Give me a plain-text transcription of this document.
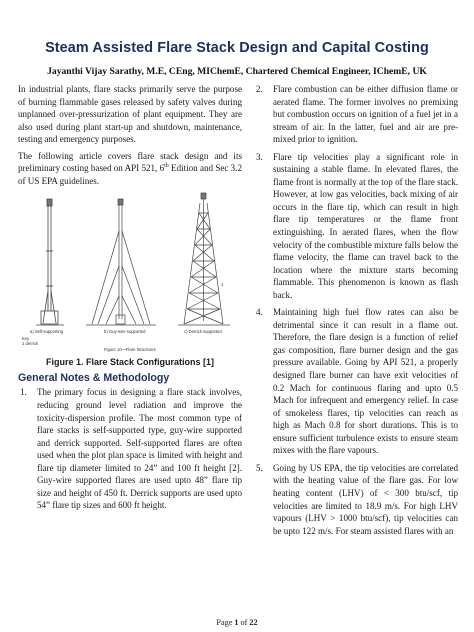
Steam Assisted Flare Stack Design and Capital Costing
Jayanthi Vijay Sarathy, M.E, CEng, MIChemE, Chartered Chemical Engineer, IChemE, UK

In industrial plants, flare stacks primarily serve the purpose of burning flammable gases released by safety valves during unplanned over-pressurization of plant equipment. They are also used during plant start-up and shutdown, maintenance, testing and emergency purposes.

The following article covers flare stack design and its preliminary costing based on API 521, 6th Edition and Sec 3.2 of US EPA guidelines.

1
a) Self-supporting	b) Guy-wire supported	c) Derrick supported
Key
1 derrick
Figure 10—Flare Structures
Figure 1. Flare Stack Configurations [1]
General Notes & Methodology
1. The primary focus in designing a flare stack involves, reducing ground level radiation and improve the toxicity-dispersion profile. The most common type of flare stacks is self-supported type, guy-wire supported and derrick supported. Self-supported flares are often used when the plot plan space is limited with height and flare tip diameter limited to 24” and 100 ft height [2]. Guy-wire supported flares are used upto 48” flare tip size and height of 450 ft. Derrick supports are used upto 54” flare tip sizes and 600 ft height.
2. Flare combustion can be either diffusion flame or aerated flame. The former involves no premixing but combustion occurs on ignition of a fuel jet in a stream of air. In the latter, fuel and air are pre-mixed prior to ignition.
3. Flare tip velocities play a significant role in sustaining a stable flame. In elevated flares, the flame front is normally at the top of the flare stack. However, at low gas velocities, back mixing of air occurs in the flare tip, which can result in high flare tip temperatures or the flame front extinguishing. In aerated flares, when the flow velocity of the combustible mixture falls below the flame velocity, the flame can travel back to the location where the mixture starts becoming flammable. This phenomenon is known as flash back.
4. Maintaining high fuel flow rates can also be detrimental since it can result in a flame out. Therefore, the flare design is a function of relief gas composition, flare burner design and the gas pressure available. Going by API 521, a properly designed flare burner can have exit velocities of 0.2 Mach for continuous flaring and upto 0.5 Mach for infrequent and emergency relief. In case of smokeless flares, tip velocities can reach as high as Mach 0.8 for short durations. This is to ensure sufficient turbulence exists to ensure steam mixes with the flare vapours.
5. Going by US EPA, the tip velocities are correlated with the heating value of the flare gas. For low heating content (LHV) of < 300 btu/scf, tip velocities are limited to 18.9 m/s. For high LHV vapours (LHV > 1000 btu/scf), tip velocities can be upto 122 m/s. For steam assisted flares with an
Page 1 of 22
